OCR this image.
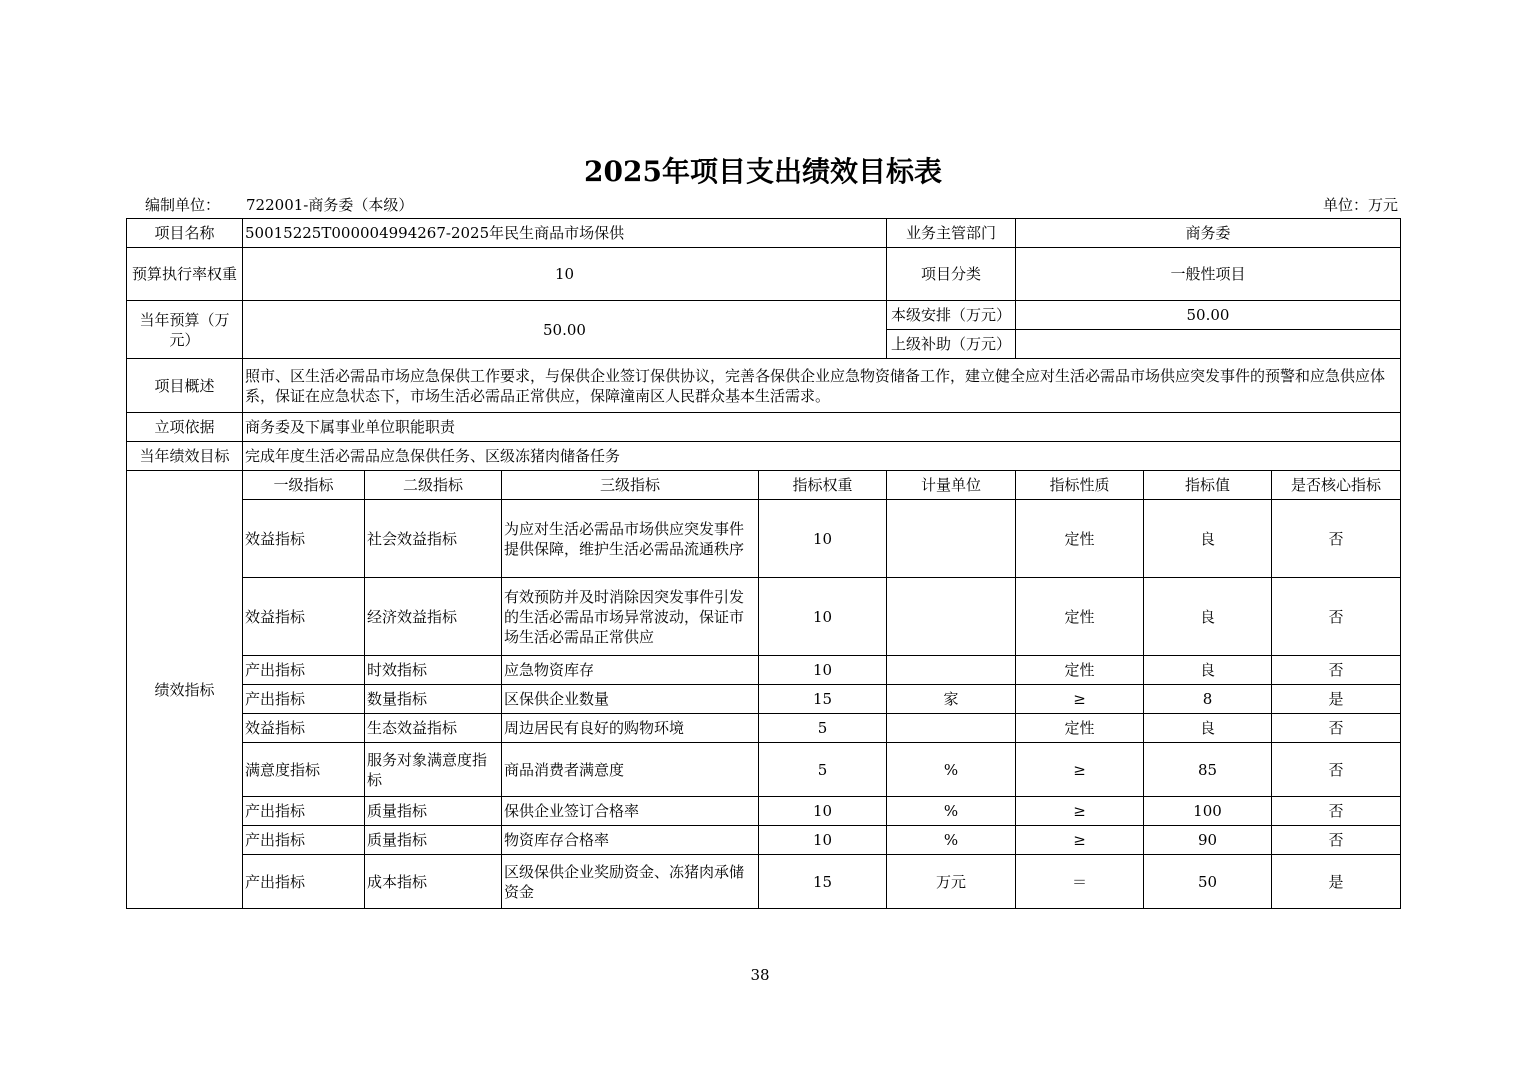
2025年项目支出绩效目标表
编制单位： 722001-商务委（本级）	单位：万元
项目名称	50015225T000004994267-2025年民生商品市场保供				业务主管部门	商务委		
预算执行率权重	10				项目分类	一般性项目		
当年预算（万元）	50.00				本级安排（万元）	50.00		
					上级补助（万元）			
项目概述	照市、区生活必需品市场应急保供工作要求，与保供企业签订保供协议，完善各保供企业应急物资储备工作，建立健全应对生活必需品市场供应突发事件的预警和应急供应体系，保证在应急状态下，市场生活必需品正常供应，保障潼南区人民群众基本生活需求。							
立项依据	商务委及下属事业单位职能职责							
当年绩效目标	完成年度生活必需品应急保供任务、区级冻猪肉储备任务							
绩效指标	一级指标	二级指标	三级指标	指标权重	计量单位	指标性质	指标值	是否核心指标
	效益指标	社会效益指标	为应对生活必需品市场供应突发事件提供保障，维护生活必需品流通秩序	10		定性	良	否
	效益指标	经济效益指标	有效预防并及时消除因突发事件引发的生活必需品市场异常波动，保证市场生活必需品正常供应	10		定性	良	否
	产出指标	时效指标	应急物资库存	10		定性	良	否
	产出指标	数量指标	区保供企业数量	15	家	≥	8	是
	效益指标	生态效益指标	周边居民有良好的购物环境	5		定性	良	否
	满意度指标	服务对象满意度指标	商品消费者满意度	5	%	≥	85	否
	产出指标	质量指标	保供企业签订合格率	10	%	≥	100	否
	产出指标	质量指标	物资库存合格率	10	%	≥	90	否
	产出指标	成本指标	区级保供企业奖励资金、冻猪肉承储资金	15	万元	＝	50	是
38
